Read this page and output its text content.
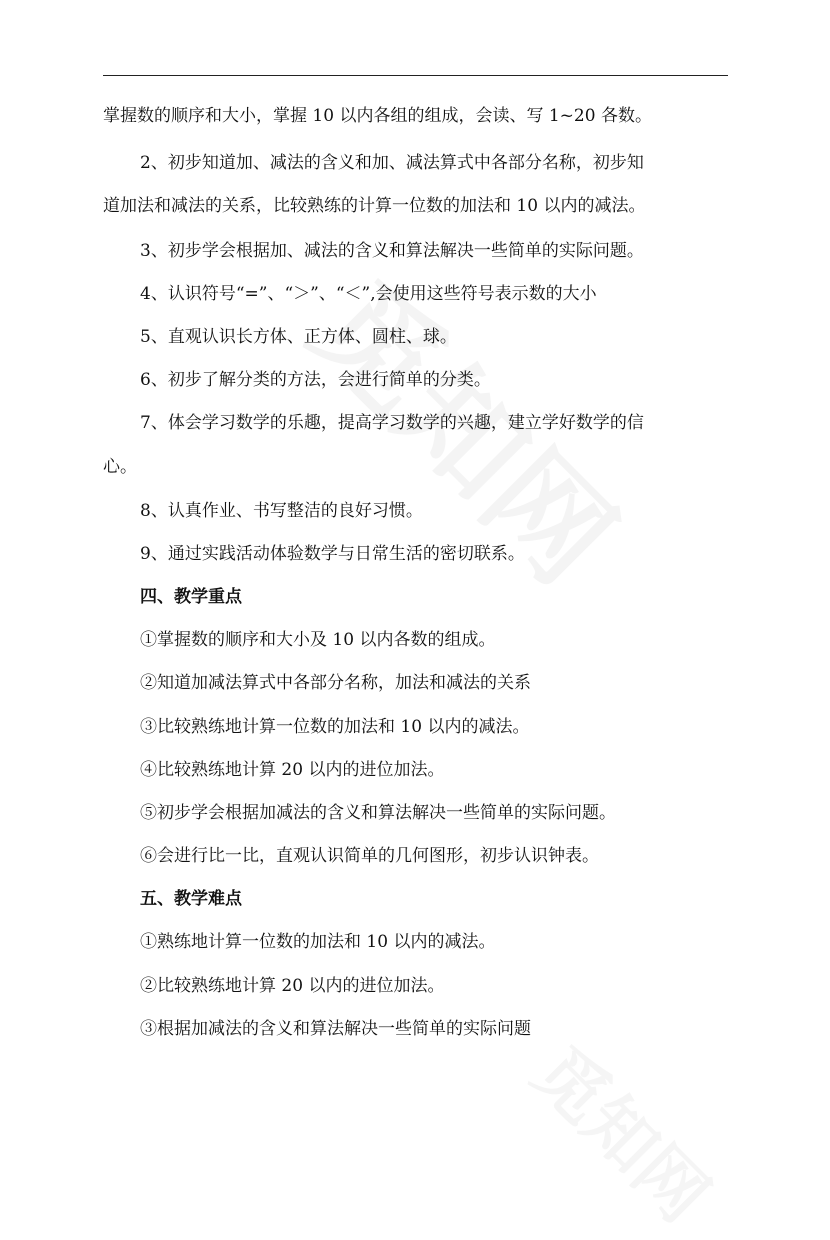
掌握数的顺序和大小，掌握 10 以内各组的组成，会读、写 1~20 各数。

2、初步知道加、减法的含义和加、减法算式中各部分名称，初步知

道加法和减法的关系，比较熟练的计算一位数的加法和 10 以内的减法。

3、初步学会根据加、减法的含义和算法解决一些简单的实际问题。

4、认识符号“=”、“＞”、“＜”,会使用这些符号表示数的大小

5、直观认识长方体、正方体、圆柱、球。

6、初步了解分类的方法，会进行简单的分类。

7、体会学习数学的乐趣，提高学习数学的兴趣，建立学好数学的信

心。

8、认真作业、书写整洁的良好习惯。

9、通过实践活动体验数学与日常生活的密切联系。

四、教学重点

①掌握数的顺序和大小及 10 以内各数的组成。

②知道加减法算式中各部分名称，加法和减法的关系

③比较熟练地计算一位数的加法和 10 以内的减法。

④比较熟练地计算 20 以内的进位加法。

⑤初步学会根据加减法的含义和算法解决一些简单的实际问题。

⑥会进行比一比，直观认识简单的几何图形，初步认识钟表。

五、教学难点

①熟练地计算一位数的加法和 10 以内的减法。

②比较熟练地计算 20 以内的进位加法。

③根据加减法的含义和算法解决一些简单的实际问题
